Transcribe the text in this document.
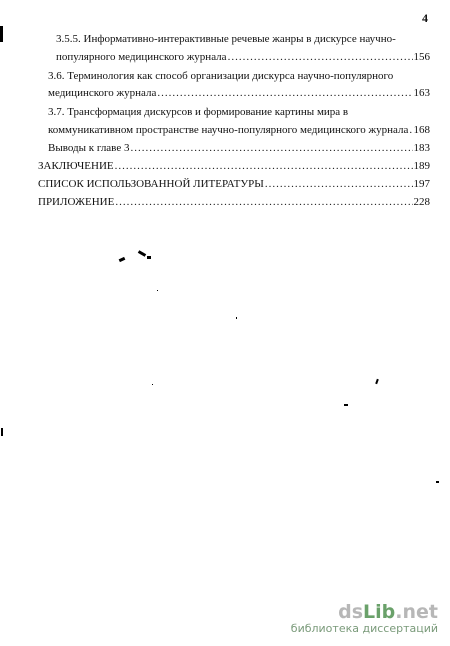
4
3.5.5. Информативно-интерактивные речевые жанры в дискурсе научно-
популярного медицинского журнала .....	156
3.6. Терминология как способ организации дискурса научно-популярного
медицинского журнала .....	163
3.7. Трансформация дискурсов и формирование картины мира в
коммуникативном пространстве научно-популярного медицинского журнала ..... 168
Выводы к главе 3 .....	183
ЗАКЛЮЧЕНИЕ .....	189
СПИСОК ИСПОЛЬЗОВАННОЙ ЛИТЕРАТУРЫ .....	197
ПРИЛОЖЕНИЕ .....	228
dsLib.net
библиотека диссертаций
